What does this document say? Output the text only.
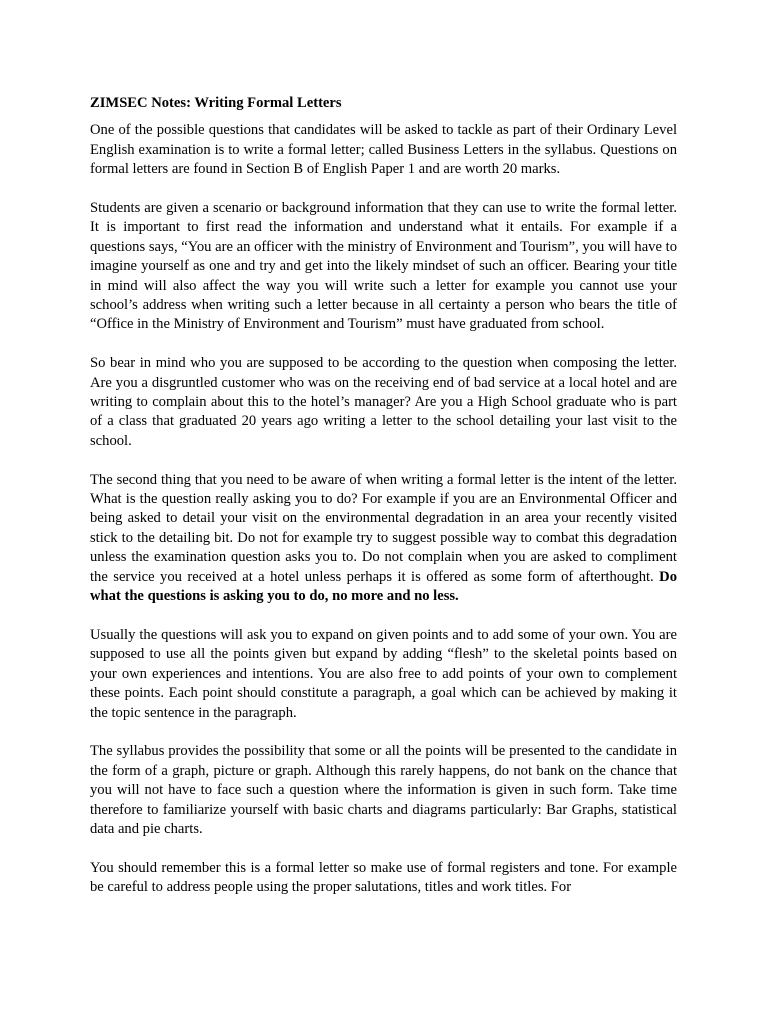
ZIMSEC Notes: Writing Formal Letters

One of the possible questions that candidates will be asked to tackle as part of their Ordinary Level English examination is to write a formal letter; called Business Letters in the syllabus. Questions on formal letters are found in Section B of English Paper 1 and are worth 20 marks.

Students are given a scenario or background information that they can use to write the formal letter. It is important to first read the information and understand what it entails. For example if a questions says, “You are an officer with the ministry of Environment and Tourism”, you will have to imagine yourself as one and try and get into the likely mindset of such an officer. Bearing your title in mind will also affect the way you will write such a letter for example you cannot use your school’s address when writing such a letter because in all certainty a person who bears the title of “Office in the Ministry of Environment and Tourism” must have graduated from school.

So bear in mind who you are supposed to be according to the question when composing the letter. Are you a disgruntled customer who was on the receiving end of bad service at a local hotel and are writing to complain about this to the hotel’s manager? Are you a High School graduate who is part of a class that graduated 20 years ago writing a letter to the school detailing your last visit to the school.

The second thing that you need to be aware of when writing a formal letter is the intent of the letter. What is the question really asking you to do? For example if you are an Environmental Officer and being asked to detail your visit on the environmental degradation in an area your recently visited stick to the detailing bit. Do not for example try to suggest possible way to combat this degradation unless the examination question asks you to. Do not complain when you are asked to compliment the service you received at a hotel unless perhaps it is offered as some form of afterthought. Do what the questions is asking you to do, no more and no less.

Usually the questions will ask you to expand on given points and to add some of your own. You are supposed to use all the points given but expand by adding “flesh” to the skeletal points based on your own experiences and intentions. You are also free to add points of your own to complement these points. Each point should constitute a paragraph, a goal which can be achieved by making it the topic sentence in the paragraph.

The syllabus provides the possibility that some or all the points will be presented to the candidate in the form of a graph, picture or graph. Although this rarely happens, do not bank on the chance that you will not have to face such a question where the information is given in such form. Take time therefore to familiarize yourself with basic charts and diagrams particularly: Bar Graphs, statistical data and pie charts.

You should remember this is a formal letter so make use of formal registers and tone. For example be careful to address people using the proper salutations, titles and work titles. For
